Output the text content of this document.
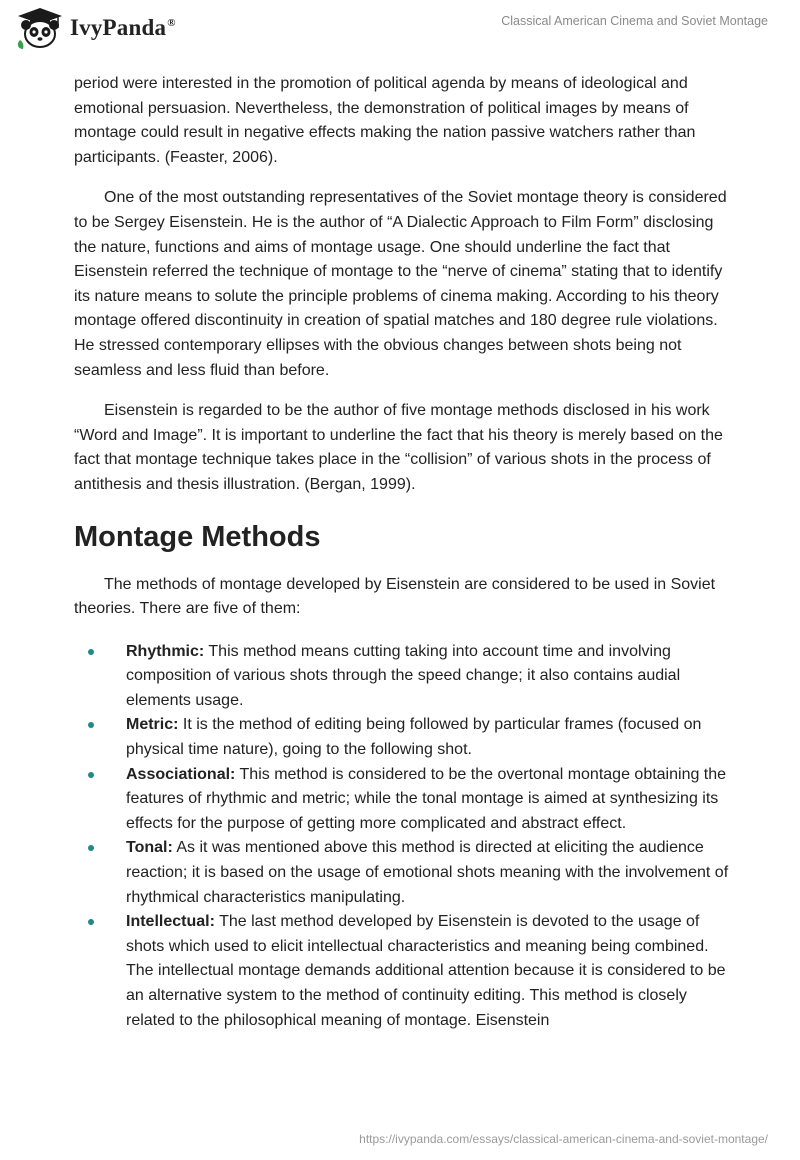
IvyPanda®	Classical American Cinema and Soviet Montage

period were interested in the promotion of political agenda by means of ideological and emotional persuasion. Nevertheless, the demonstration of political images by means of montage could result in negative effects making the nation passive watchers rather than participants. (Feaster, 2006).

One of the most outstanding representatives of the Soviet montage theory is considered to be Sergey Eisenstein. He is the author of “A Dialectic Approach to Film Form” disclosing the nature, functions and aims of montage usage. One should underline the fact that Eisenstein referred the technique of montage to the “nerve of cinema” stating that to identify its nature means to solute the principle problems of cinema making. According to his theory montage offered discontinuity in creation of spatial matches and 180 degree rule violations. He stressed contemporary ellipses with the obvious changes between shots being not seamless and less fluid than before.

Eisenstein is regarded to be the author of five montage methods disclosed in his work “Word and Image”. It is important to underline the fact that his theory is merely based on the fact that montage technique takes place in the “collision” of various shots in the process of antithesis and thesis illustration. (Bergan, 1999).

Montage Methods

The methods of montage developed by Eisenstein are considered to be used in Soviet theories. There are five of them:

Rhythmic: This method means cutting taking into account time and involving composition of various shots through the speed change; it also contains audial elements usage.
Metric: It is the method of editing being followed by particular frames (focused on physical time nature), going to the following shot.
Associational: This method is considered to be the overtonal montage obtaining the features of rhythmic and metric; while the tonal montage is aimed at synthesizing its effects for the purpose of getting more complicated and abstract effect.
Tonal: As it was mentioned above this method is directed at eliciting the audience reaction; it is based on the usage of emotional shots meaning with the involvement of rhythmical characteristics manipulating.
Intellectual: The last method developed by Eisenstein is devoted to the usage of shots which used to elicit intellectual characteristics and meaning being combined. The intellectual montage demands additional attention because it is considered to be an alternative system to the method of continuity editing. This method is closely related to the philosophical meaning of montage. Eisenstein
https://ivypanda.com/essays/classical-american-cinema-and-soviet-montage/
